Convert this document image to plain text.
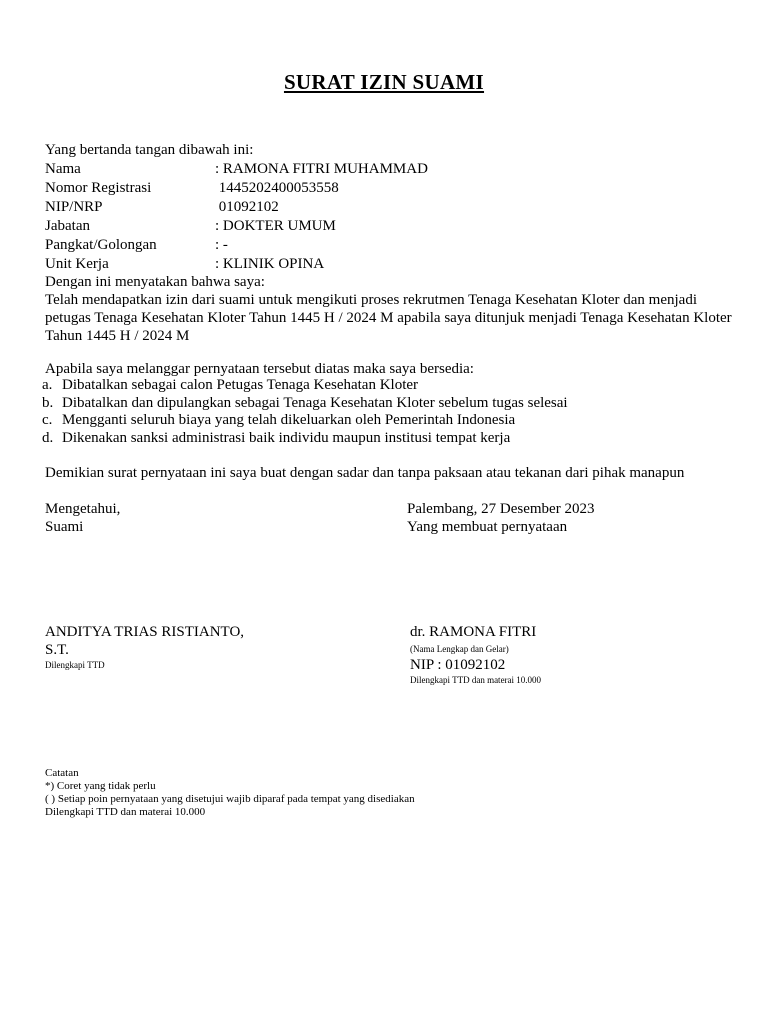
SURAT IZIN SUAMI
Yang bertanda tangan dibawah ini:
Nama	: RAMONA FITRI MUHAMMAD
Nomor Registrasi	1445202400053558
NIP/NRP	01092102
Jabatan	: DOKTER UMUM
Pangkat/Golongan	: -
Unit Kerja	: KLINIK OPINA
Dengan ini menyatakan bahwa saya:
Telah mendapatkan izin dari suami untuk mengikuti proses rekrutmen Tenaga Kesehatan Kloter dan menjadi petugas Tenaga Kesehatan Kloter Tahun 1445 H / 2024 M apabila saya ditunjuk menjadi Tenaga Kesehatan Kloter Tahun 1445 H / 2024 M
Apabila saya melanggar pernyataan tersebut diatas maka saya bersedia:
a. Dibatalkan sebagai calon Petugas Tenaga Kesehatan Kloter
b. Dibatalkan dan dipulangkan sebagai Tenaga Kesehatan Kloter sebelum tugas selesai
c. Mengganti seluruh biaya yang telah dikeluarkan oleh Pemerintah Indonesia
d. Dikenakan sanksi administrasi baik individu maupun institusi tempat kerja
Demikian surat pernyataan ini saya buat dengan sadar dan tanpa paksaan atau tekanan dari pihak manapun
Mengetahui,
Suami
ANDITYA TRIAS RISTIANTO,
S.T.
Dilengkapi TTD
Palembang, 27 Desember 2023
Yang membuat pernyataan
dr. RAMONA FITRI
(Nama Lengkap dan Gelar)
NIP : 01092102
Dilengkapi TTD dan materai 10.000
Catatan
*) Coret yang tidak perlu
( ) Setiap poin pernyataan yang disetujui wajib diparaf pada tempat yang disediakan
Dilengkapi TTD dan materai 10.000
